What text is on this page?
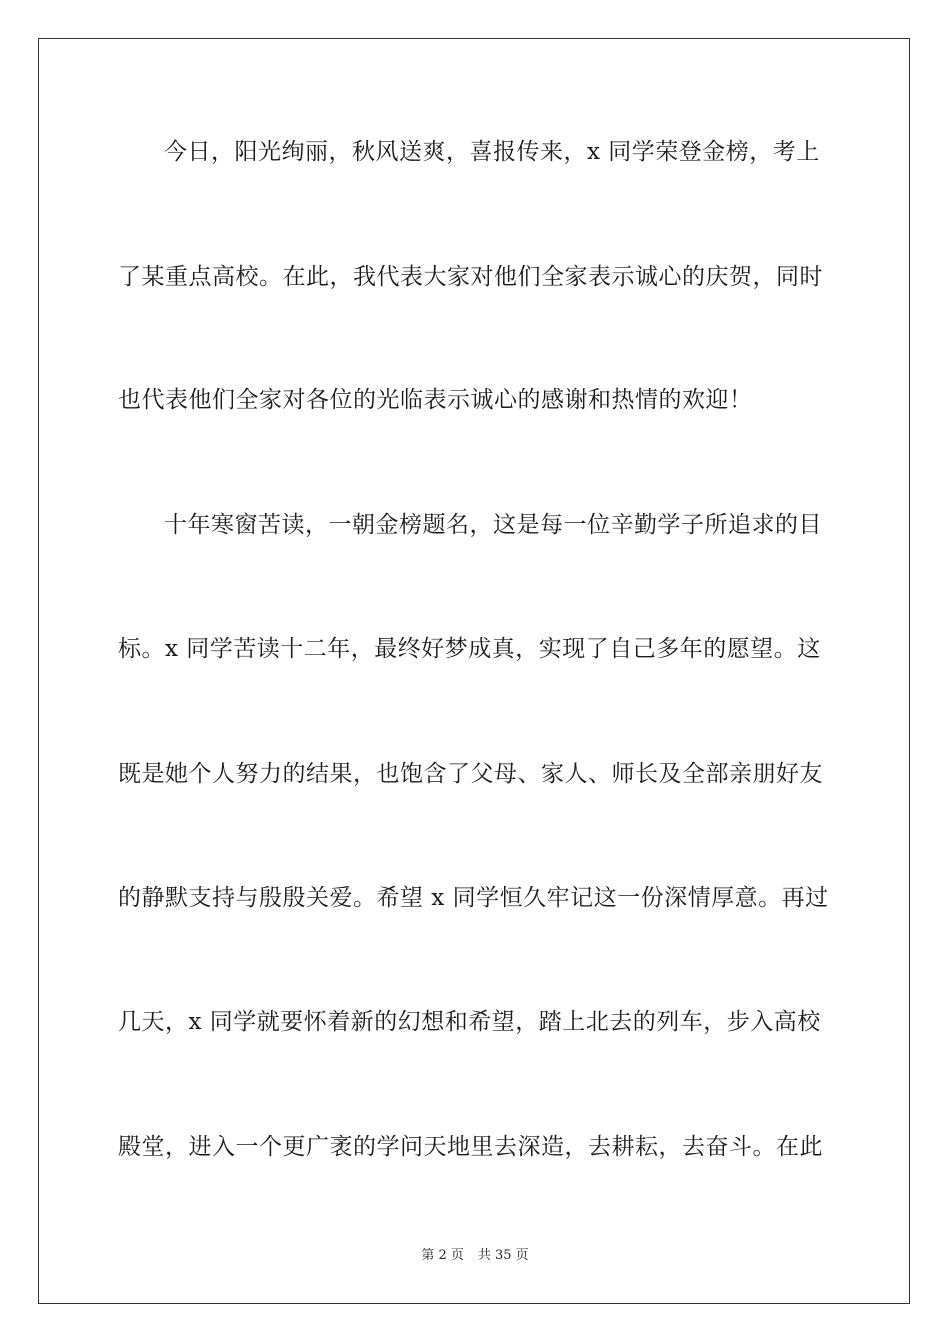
今日，阳光绚丽，秋风送爽，喜报传来，x 同学荣登金榜，考上
了某重点高校。在此，我代表大家对他们全家表示诚心的庆贺，同时
也代表他们全家对各位的光临表示诚心的感谢和热情的欢迎！
十年寒窗苦读，一朝金榜题名，这是每一位辛勤学子所追求的目
标。x 同学苦读十二年，最终好梦成真，实现了自己多年的愿望。这
既是她个人努力的结果，也饱含了父母、家人、师长及全部亲朋好友
的静默支持与殷殷关爱。希望 x 同学恒久牢记这一份深情厚意。再过
几天，x 同学就要怀着新的幻想和希望，踏上北去的列车，步入高校
殿堂，进入一个更广袤的学问天地里去深造，去耕耘，去奋斗。在此
第 2 页 共 35 页
